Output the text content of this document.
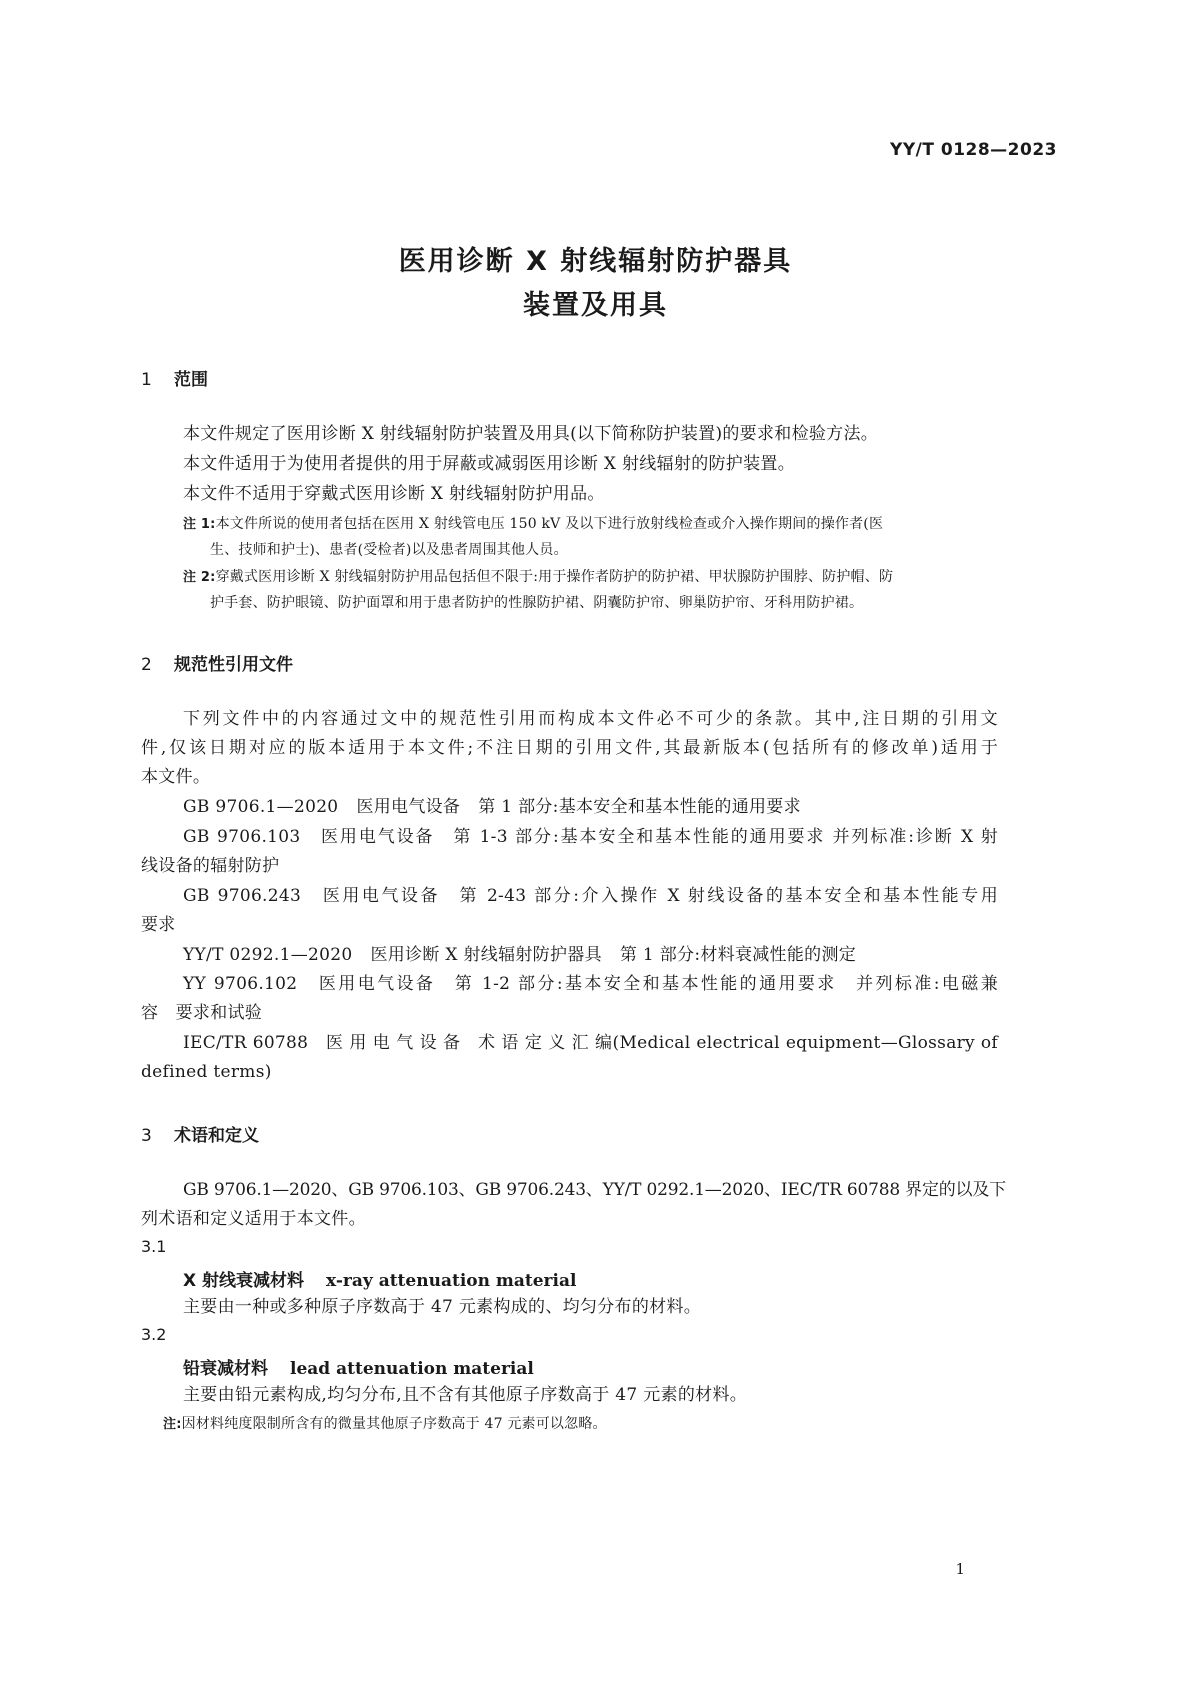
YY/T 0128—2023
医用诊断 X 射线辐射防护器具
装置及用具
1 范围
本文件规定了医用诊断 X 射线辐射防护装置及用具(以下简称防护装置)的要求和检验方法。
本文件适用于为使用者提供的用于屏蔽或减弱医用诊断 X 射线辐射的防护装置。
本文件不适用于穿戴式医用诊断 X 射线辐射防护用品。
注 1:本文件所说的使用者包括在医用 X 射线管电压 150 kV 及以下进行放射线检查或介入操作期间的操作者(医
生、技师和护士)、患者(受检者)以及患者周围其他人员。
注 2:穿戴式医用诊断 X 射线辐射防护用品包括但不限于:用于操作者防护的防护裙、甲状腺防护围脖、防护帽、防
护手套、防护眼镜、防护面罩和用于患者防护的性腺防护裙、阴囊防护帘、卵巢防护帘、牙科用防护裙。
2 规范性引用文件
下列文件中的内容通过文中的规范性引用而构成本文件必不可少的条款。其中,注日期的引用文
件,仅该日期对应的版本适用于本文件;不注日期的引用文件,其最新版本(包括所有的修改单)适用于
本文件。
GB 9706.1—2020 医用电气设备 第 1 部分:基本安全和基本性能的通用要求
GB 9706.103　医用电气设备　第 1-3 部分:基本安全和基本性能的通用要求 并列标准:诊断 X 射
线设备的辐射防护
GB 9706.243　医用电气设备　第 2-43 部分:介入操作 X 射线设备的基本安全和基本性能专用
要求
YY/T 0292.1—2020 医用诊断 X 射线辐射防护器具 第 1 部分:材料衰减性能的测定
YY 9706.102　医用电气设备　第 1-2 部分:基本安全和基本性能的通用要求　并列标准:电磁兼
容　要求和试验
IEC/TR 60788　医 用 电 气 设 备　术 语 定 义 汇 编(Medical electrical equipment—Glossary of
defined terms)
3 术语和定义
GB 9706.1—2020、GB 9706.103、GB 9706.243、YY/T 0292.1—2020、IEC/TR 60788 界定的以及下
列术语和定义适用于本文件。
3.1
X 射线衰减材料 x-ray attenuation material
主要由一种或多种原子序数高于 47 元素构成的、均匀分布的材料。
3.2
铅衰减材料 lead attenuation material
主要由铅元素构成,均匀分布,且不含有其他原子序数高于 47 元素的材料。
注:因材料纯度限制所含有的微量其他原子序数高于 47 元素可以忽略。
1
